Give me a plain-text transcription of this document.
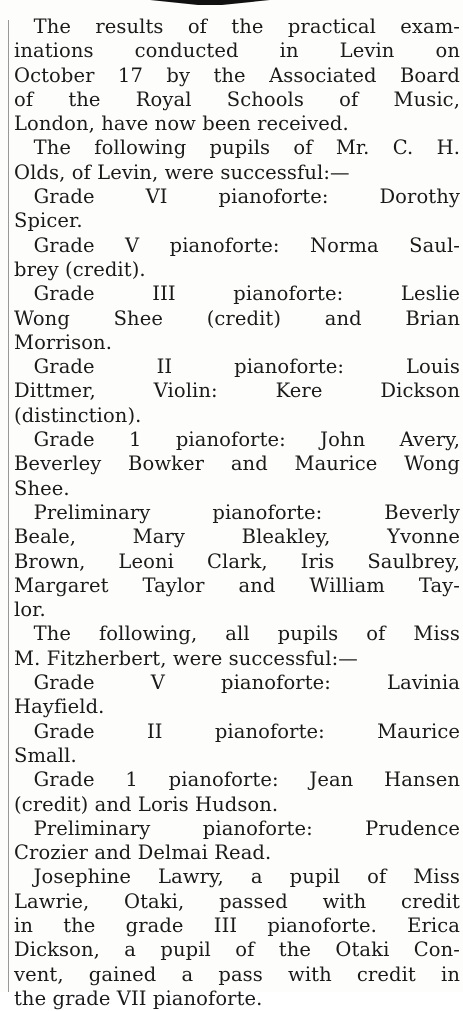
 The results of the practical exam-
inations conducted in Levin on
October 17 by the Associated Board
of the Royal Schools of Music,
London, have now been received.
 The following pupils of Mr. C. H.
Olds, of Levin, were successful:—
 Grade VI pianoforte: Dorothy
Spicer.
 Grade V pianoforte: Norma Saul-
brey (credit).
 Grade III pianoforte: Leslie
Wong Shee (credit) and Brian
Morrison.
 Grade II pianoforte: Louis
Dittmer, Violin: Kere Dickson
(distinction).
 Grade 1 pianoforte: John Avery,
Beverley Bowker and Maurice Wong
Shee.
 Preliminary pianoforte: Beverly
Beale, Mary Bleakley, Yvonne
Brown, Leoni Clark, Iris Saulbrey,
Margaret Taylor and William Tay-
lor.
 The following, all pupils of Miss
M. Fitzherbert, were successful:—
 Grade V pianoforte: Lavinia
Hayfield.
 Grade II pianoforte: Maurice
Small.
 Grade 1 pianoforte: Jean Hansen
(credit) and Loris Hudson.
 Preliminary pianoforte: Prudence
Crozier and Delmai Read.
 Josephine Lawry, a pupil of Miss
Lawrie, Otaki, passed with credit
in the grade III pianoforte. Erica
Dickson, a pupil of the Otaki Con-
vent, gained a pass with credit in
the grade VII pianoforte.
